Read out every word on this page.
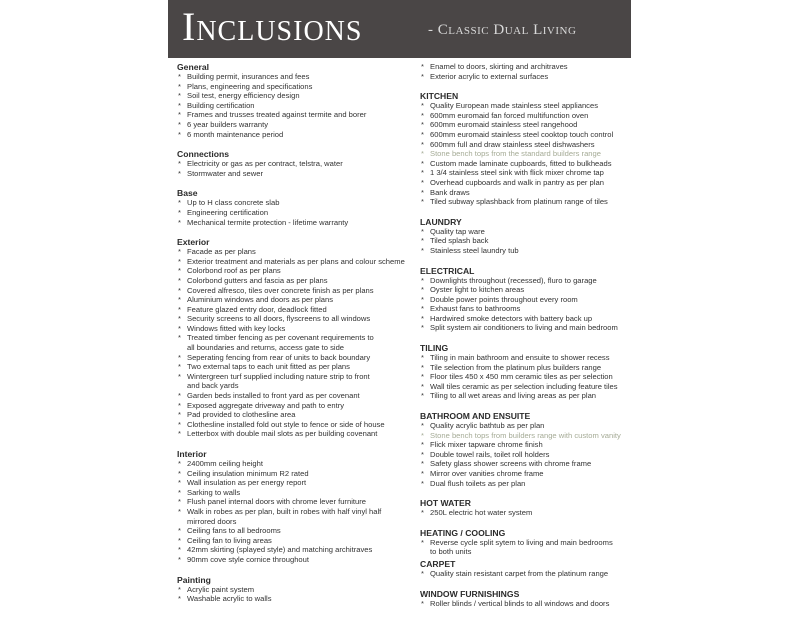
Inclusions	- Classic Dual Living
General
* Building permit, insurances and fees
* Plans, engineering and specifications
* Soil test, energy efficiency design
* Building certification
* Frames and trusses treated against termite and borer
* 6 year builders warranty
* 6 month maintenance period
Connections
* Electricity or gas as per contract, telstra, water
* Stormwater and sewer
Base
* Up to H class concrete slab
* Engineering certification
* Mechanical termite protection - lifetime warranty
Exterior
* Facade as per plans
* Exterior treatment and materials as per plans and colour scheme
* Colorbond roof as per plans
* Colorbond gutters and fascia as per plans
* Covered alfresco, tiles over concrete finish as per plans
* Aluminium windows and doors as per plans
* Feature glazed entry door, deadlock fitted
* Security screens to all doors, flyscreens to all windows
* Windows fitted with key locks
* Treated timber fencing as per covenant requirements to
all boundaries and returns, access gate to side
* Seperating fencing from rear of units to back boundary
* Two external taps to each unit fitted as per plans
* Wintergreen turf supplied including nature strip to front
and back yards
* Garden beds installed to front yard as per covenant
* Exposed aggregate driveway and path to entry
* Pad provided to clothesline area
* Clothesline installed fold out style to fence or side of house
* Letterbox with double mail slots as per building covenant
Interior
* 2400mm ceiling height
* Ceiling insulation minimum R2 rated
* Wall insulation as per energy report
* Sarking to walls
* Flush panel internal doors with chrome lever furniture
* Walk in robes as per plan, built in robes with half vinyl half
mirrored doors
* Ceiling fans to all bedrooms
* Ceiling fan to living areas
* 42mm skirting (splayed style) and matching architraves
* 90mm cove style cornice throughout
Painting
* Acrylic paint system
* Washable acrylic to walls
* Enamel to doors, skirting and architraves
* Exterior acrylic to external surfaces
KITCHEN
* Quality European made stainless steel appliances
* 600mm euromaid fan forced multifunction oven
* 600mm euromaid stainless steel rangehood
* 600mm euromaid stainless steel cooktop touch control
* 600mm full and draw stainless steel dishwashers
* Stone bench tops from the standard builders range
* Custom made laminate cupboards, fitted to bulkheads
* 1 3/4 stainless steel sink with flick mixer chrome tap
* Overhead cupboards and walk in pantry as per plan
* Bank draws
* Tiled subway splashback from platinum range of tiles
LAUNDRY
* Quality tap ware
* Tiled splash back
* Stainless steel laundry tub
ELECTRICAL
* Downlights throughout (recessed), fluro to garage
* Oyster light to kitchen areas
* Double power points throughout every room
* Exhaust fans to bathrooms
* Hardwired smoke detectors with battery back up
* Split system air conditioners to living and main bedroom
TILING
* Tiling in main bathroom and ensuite to shower recess
* Tile selection from the platinum plus builders range
* Floor tiles 450 x 450 mm ceramic tiles as per selection
* Wall tiles ceramic as per selection including feature tiles
* Tiling to all wet areas and living areas as per plan
BATHROOM AND ENSUITE
* Quality acrylic bathtub as per plan
* Stone bench tops from builders range with custom vanity
* Flick mixer tapware chrome finish
* Double towel rails, toilet roll holders
* Safety glass shower screens with chrome frame
* Mirror over vanities chrome frame
* Dual flush toilets as per plan
HOT WATER
* 250L electric hot water system
HEATING / COOLING
* Reverse cycle split sytem to living and main bedrooms
to both units
CARPET
* Quality stain resistant carpet from the platinum range
WINDOW FURNISHINGS
* Roller blinds / vertical blinds to all windows and doors
